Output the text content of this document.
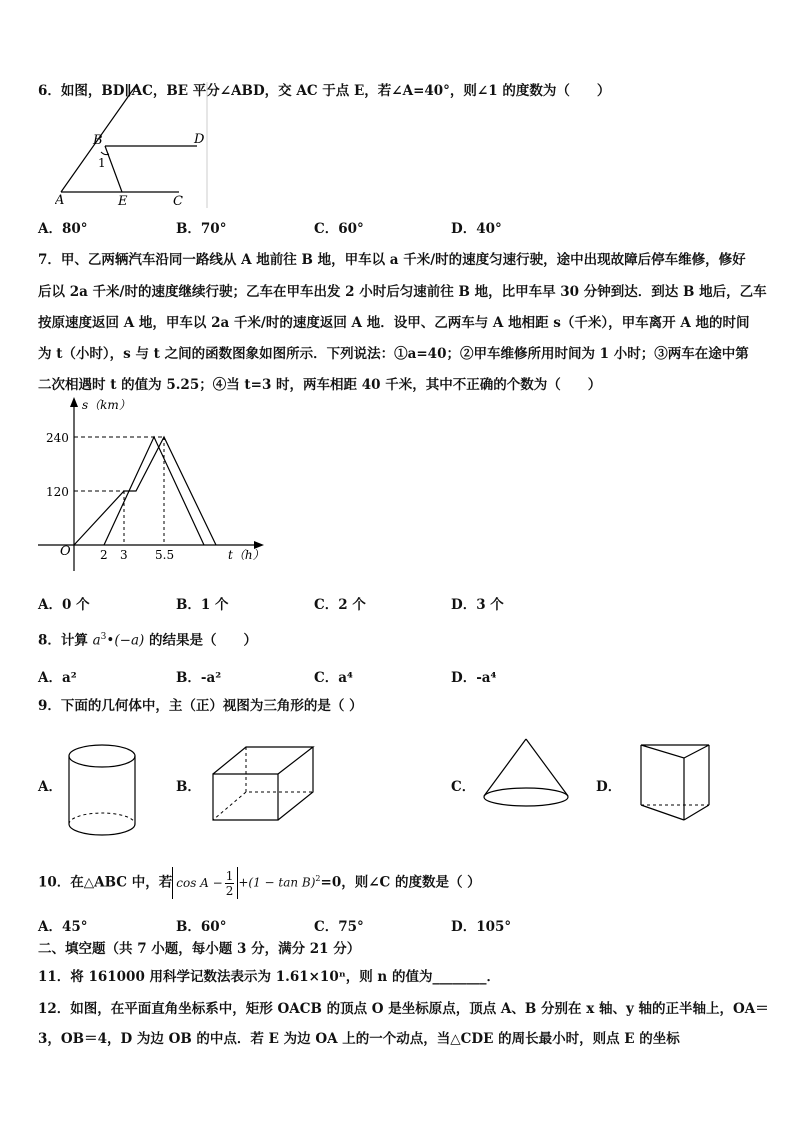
6．如图，BD∥AC，BE 平分∠ABD，交 AC 于点 E，若∠A=40°，则∠1 的度数为（　　）
B	D
1
A	E	C
A．80°	B．70°	C．60°	D．40°
7．甲、乙两辆汽车沿同一路线从 A 地前往 B 地，甲车以 a 千米/时的速度匀速行驶，途中出现故障后停车维修，修好
后以 2a 千米/时的速度继续行驶；乙车在甲车出发 2 小时后匀速前往 B 地，比甲车早 30 分钟到达．到达 B 地后，乙车
按原速度返回 A 地，甲车以 2a 千米/时的速度返回 A 地．设甲、乙两车与 A 地相距 s（千米），甲车离开 A 地的时间
为 t（小时），s 与 t 之间的函数图象如图所示．下列说法：①a=40；②甲车维修所用时间为 1 小时；③两车在途中第
二次相遇时 t 的值为 5.25；④当 t=3 时，两车相距 40 千米，其中不正确的个数为（　　）
s（km）
t（h）
O
240
120
2 3 5.5
A．0 个	B．1 个	C．2 个	D．3 个
8．计算 $a^3•(-a)$ 的结果是（　　）
A．a²	B．-a²	C．a⁴	D．-a⁴
9．下面的几何体中，主（正）视图为三角形的是（ ）
A．	B．	C．	D．
10．在△ABC 中，若 $\cos A - \frac{1}{2} +(1 - \tan B)^2=0$，则∠C 的度数是（ ）
A．45°	B．60°	C．75°	D．105°
二、填空题（共 7 小题，每小题 3 分，满分 21 分）
11．将 161000 用科学记数法表示为 1.61×10ⁿ，则 n 的值为________．
12．如图，在平面直角坐标系中，矩形 OACB 的顶点 O 是坐标原点，顶点 A、B 分别在 x 轴、y 轴的正半轴上，OA＝
3，OB＝4，D 为边 OB 的中点．若 E 为边 OA 上的一个动点，当△CDE 的周长最小时，则点 E 的坐标
